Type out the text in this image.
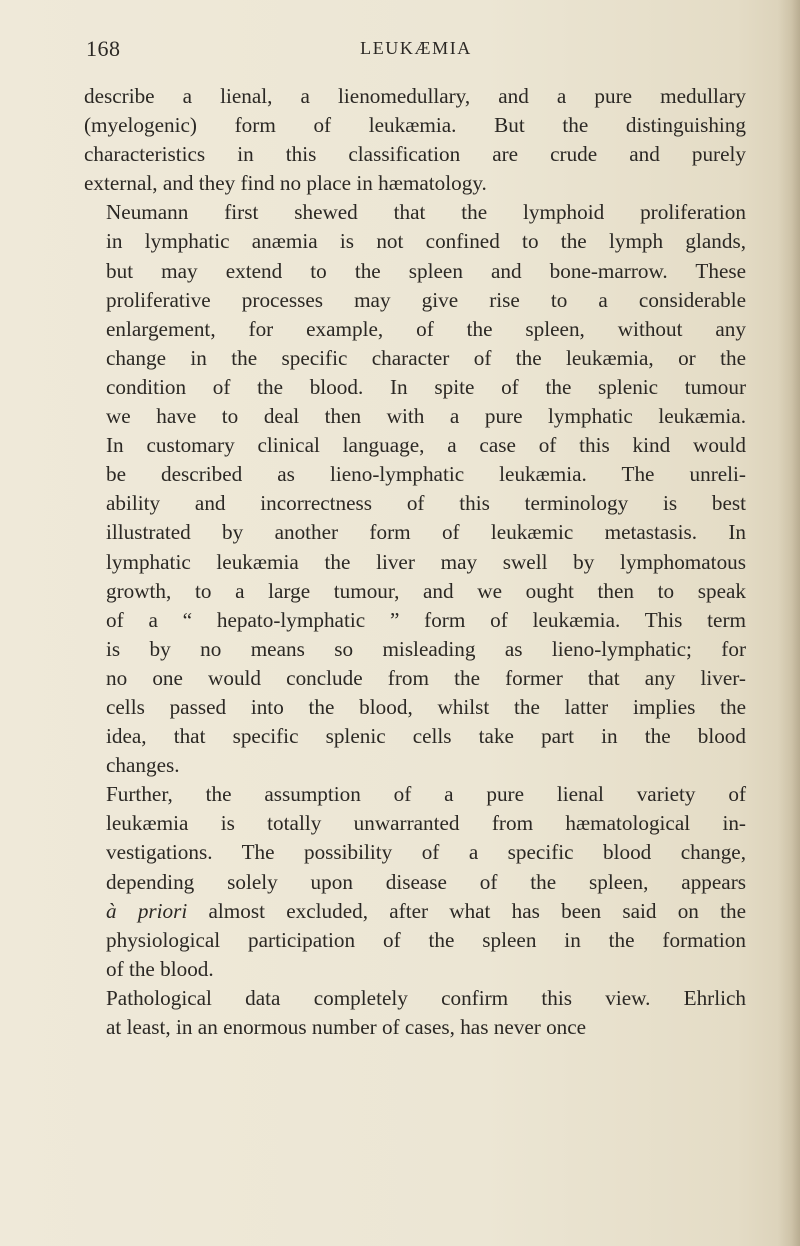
168	LEUKÆMIA

describe a lienal, a lienomedullary, and a pure medullary
(myelogenic) form of leukæmia. But the distinguishing
characteristics in this classification are crude and purely
external, and they find no place in hæmatology.

Neumann first shewed that the lymphoid proliferation
in lymphatic anæmia is not confined to the lymph glands,
but may extend to the spleen and bone-marrow. These
proliferative processes may give rise to a considerable
enlargement, for example, of the spleen, without any
change in the specific character of the leukæmia, or the
condition of the blood. In spite of the splenic tumour
we have to deal then with a pure lymphatic leukæmia.
In customary clinical language, a case of this kind would
be described as lieno-lymphatic leukæmia. The unreli-
ability and incorrectness of this terminology is best
illustrated by another form of leukæmic metastasis. In
lymphatic leukæmia the liver may swell by lymphomatous
growth, to a large tumour, and we ought then to speak
of a “ hepato-lymphatic ” form of leukæmia. This term
is by no means so misleading as lieno-lymphatic; for
no one would conclude from the former that any liver-
cells passed into the blood, whilst the latter implies the
idea, that specific splenic cells take part in the blood
changes.

Further, the assumption of a pure lienal variety of
leukæmia is totally unwarranted from hæmatological in-
vestigations. The possibility of a specific blood change,
depending solely upon disease of the spleen, appears
à priori almost excluded, after what has been said on the
physiological participation of the spleen in the formation
of the blood.

Pathological data completely confirm this view. Ehrlich
at least, in an enormous number of cases, has never once
